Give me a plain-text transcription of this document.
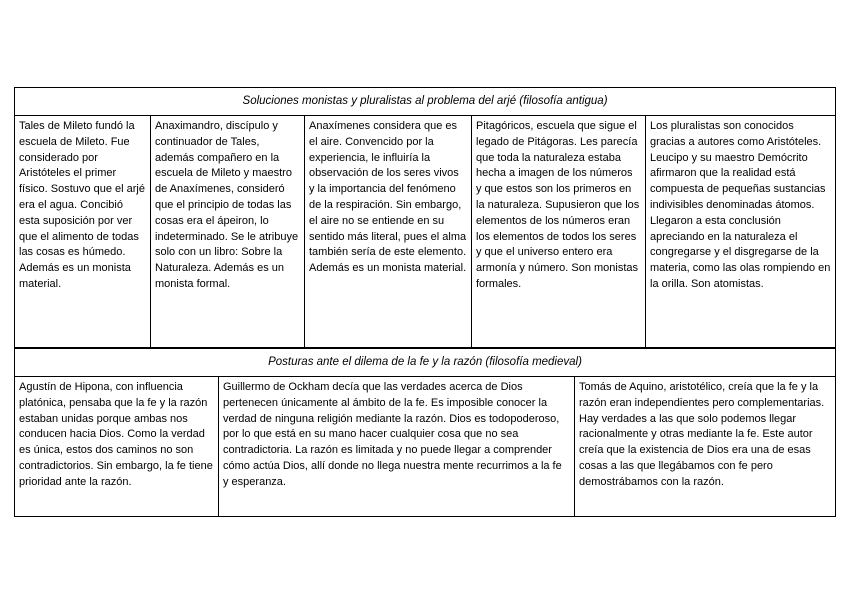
Soluciones monistas y pluralistas al problema del arjé (filosofía antigua)
Tales de Mileto fundó la escuela de Mileto. Fue considerado por Aristóteles el primer físico. Sostuvo que el arjé era el agua. Concibió esta suposición por ver que el alimento de todas las cosas es húmedo. Además es un monista material.	Anaximandro, discípulo y continuador de Tales, además compañero en la escuela de Mileto y maestro de Anaxímenes, consideró que el principio de todas las cosas era el ápeiron, lo indeterminado. Se le atribuye solo con un libro: Sobre la Naturaleza. Además es un monista formal.	Anaxímenes considera que es el aire. Convencido por la experiencia, le influiría la observación de los seres vivos y la importancia del fenómeno de la respiración. Sin embargo, el aire no se entiende en su sentido más literal, pues el alma también sería de este elemento. Además es un monista material.	Pitagóricos, escuela que sigue el legado de Pitágoras. Les parecía que toda la naturaleza estaba hecha a imagen de los números y que estos son los primeros en la naturaleza. Supusieron que los elementos de los números eran los elementos de todos los seres y que el universo entero era armonía y número. Son monistas formales.	Los pluralistas son conocidos gracias a autores como Aristóteles. Leucipo y su maestro Demócrito afirmaron que la realidad está compuesta de pequeñas sustancias indivisibles denominadas átomos. Llegaron a esta conclusión apreciando en la naturaleza el congregarse y el disgregarse de la materia, como las olas rompiendo en la orilla. Son atomistas.
Posturas ante el dilema de la fe y la razón (filosofía medieval)
Agustín de Hipona, con influencia platónica, pensaba que la fe y la razón estaban unidas porque ambas nos conducen hacia Dios. Como la verdad es única, estos dos caminos no son contradictorios. Sin embargo, la fe tiene prioridad ante la razón.	Guillermo de Ockham decía que las verdades acerca de Dios pertenecen únicamente al ámbito de la fe. Es imposible conocer la verdad de ninguna religión mediante la razón. Dios es todopoderoso, por lo que está en su mano hacer cualquier cosa que no sea contradictoria. La razón es limitada y no puede llegar a comprender cómo actúa Dios, allí donde no llega nuestra mente recurrimos a la fe y esperanza.	Tomás de Aquino, aristotélico, creía que la fe y la razón eran independientes pero complementarias. Hay verdades a las que solo podemos llegar racionalmente y otras mediante la fe. Este autor creía que la existencia de Dios era una de esas cosas a las que llegábamos con fe pero demostrábamos con la razón.
